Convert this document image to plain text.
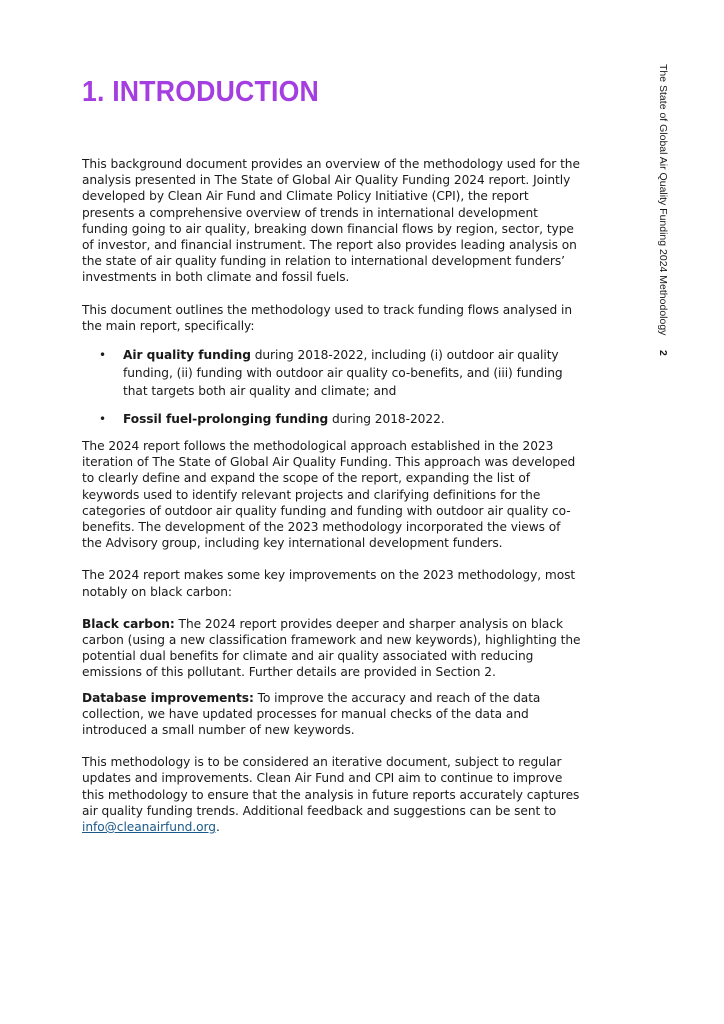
1. INTRODUCTION	The State of Global Air Quality Funding 2024 Methodology 2

This background document provides an overview of the methodology used for the analysis presented in The State of Global Air Quality Funding 2024 report. Jointly developed by Clean Air Fund and Climate Policy Initiative (CPI), the report presents a comprehensive overview of trends in international development funding going to air quality, breaking down financial flows by region, sector, type of investor, and financial instrument. The report also provides leading analysis on the state of air quality funding in relation to international development funders’ investments in both climate and fossil fuels.

This document outlines the methodology used to track funding flows analysed in the main report, specifically:

• Air quality funding during 2018-2022, including (i) outdoor air quality funding, (ii) funding with outdoor air quality co-benefits, and (iii) funding that targets both air quality and climate; and
• Fossil fuel-prolonging funding during 2018-2022.

The 2024 report follows the methodological approach established in the 2023 iteration of The State of Global Air Quality Funding. This approach was developed to clearly define and expand the scope of the report, expanding the list of keywords used to identify relevant projects and clarifying definitions for the categories of outdoor air quality funding and funding with outdoor air quality co-benefits. The development of the 2023 methodology incorporated the views of the Advisory group, including key international development funders.

The 2024 report makes some key improvements on the 2023 methodology, most notably on black carbon:

Black carbon: The 2024 report provides deeper and sharper analysis on black carbon (using a new classification framework and new keywords), highlighting the potential dual benefits for climate and air quality associated with reducing emissions of this pollutant. Further details are provided in Section 2.

Database improvements: To improve the accuracy and reach of the data collection, we have updated processes for manual checks of the data and introduced a small number of new keywords.

This methodology is to be considered an iterative document, subject to regular updates and improvements. Clean Air Fund and CPI aim to continue to improve this methodology to ensure that the analysis in future reports accurately captures air quality funding trends. Additional feedback and suggestions can be sent to info@cleanairfund.org.
